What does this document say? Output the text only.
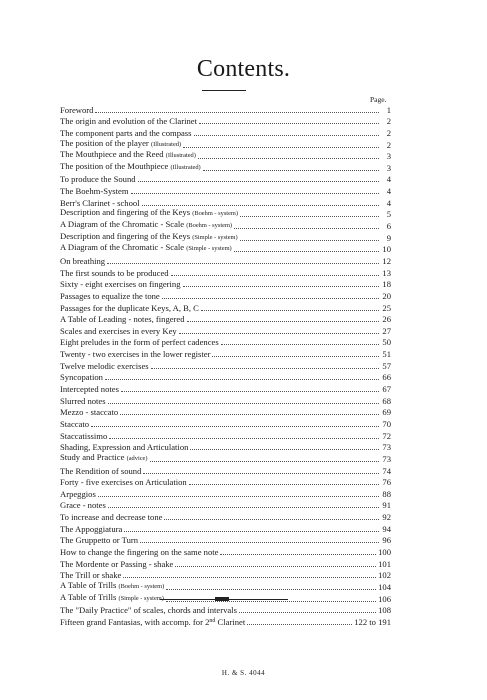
Contents.
Page.
Foreword	1
The origin and evolution of the Clarinet	2
The component parts and the compass	2
The position of the player (Illustrated)	2
The Mouthpiece and the Reed (Illustrated)	3
The position of the Mouthpiece (Illustrated)	3
To produce the Sound	4
The Boehm-System	4
Berr's Clarinet - school	4
Description and fingering of the Keys (Boehm - system)	5
A Diagram of the Chromatic - Scale (Boehm - system)	6
Description and fingering of the Keys (Simple - system)	9
A Diagram of the Chromatic - Scale (Simple - system)	10
On breathing	12
The first sounds to be produced	13
Sixty - eight exercises on fingering	18
Passages to equalize the tone	20
Passages for the duplicate Keys, A, B, C	25
A Table of Leading - notes, fingered	26
Scales and exercises in every Key	27
Eight preludes in the form of perfect cadences	50
Twenty - two exercises in the lower register	51
Twelve melodic exercises	57
Syncopation	66
Intercepted notes	67
Slurred notes	68
Mezzo - staccato	69
Staccato	70
Staccatissimo	72
Shading, Expression and Articulation	73
Study and Practice (advice)	73
The Rendition of sound	74
Forty - five exercises on Articulation	76
Arpeggios	88
Grace - notes	91
To increase and decrease tone	92
The Appoggiatura	94
The Gruppetto or Turn	96
How to change the fingering on the same note	100
The Mordente or Passing - shake	101
The Trill or shake	102
A Table of Trills (Boehm - system)	104
A Table of Trills (Simple - system)	106
The "Daily Practice" of scales, chords and intervals	108
Fifteen grand Fantasias, with accomp. for 2nd Clarinet	122 to 191
H. & S. 4044
